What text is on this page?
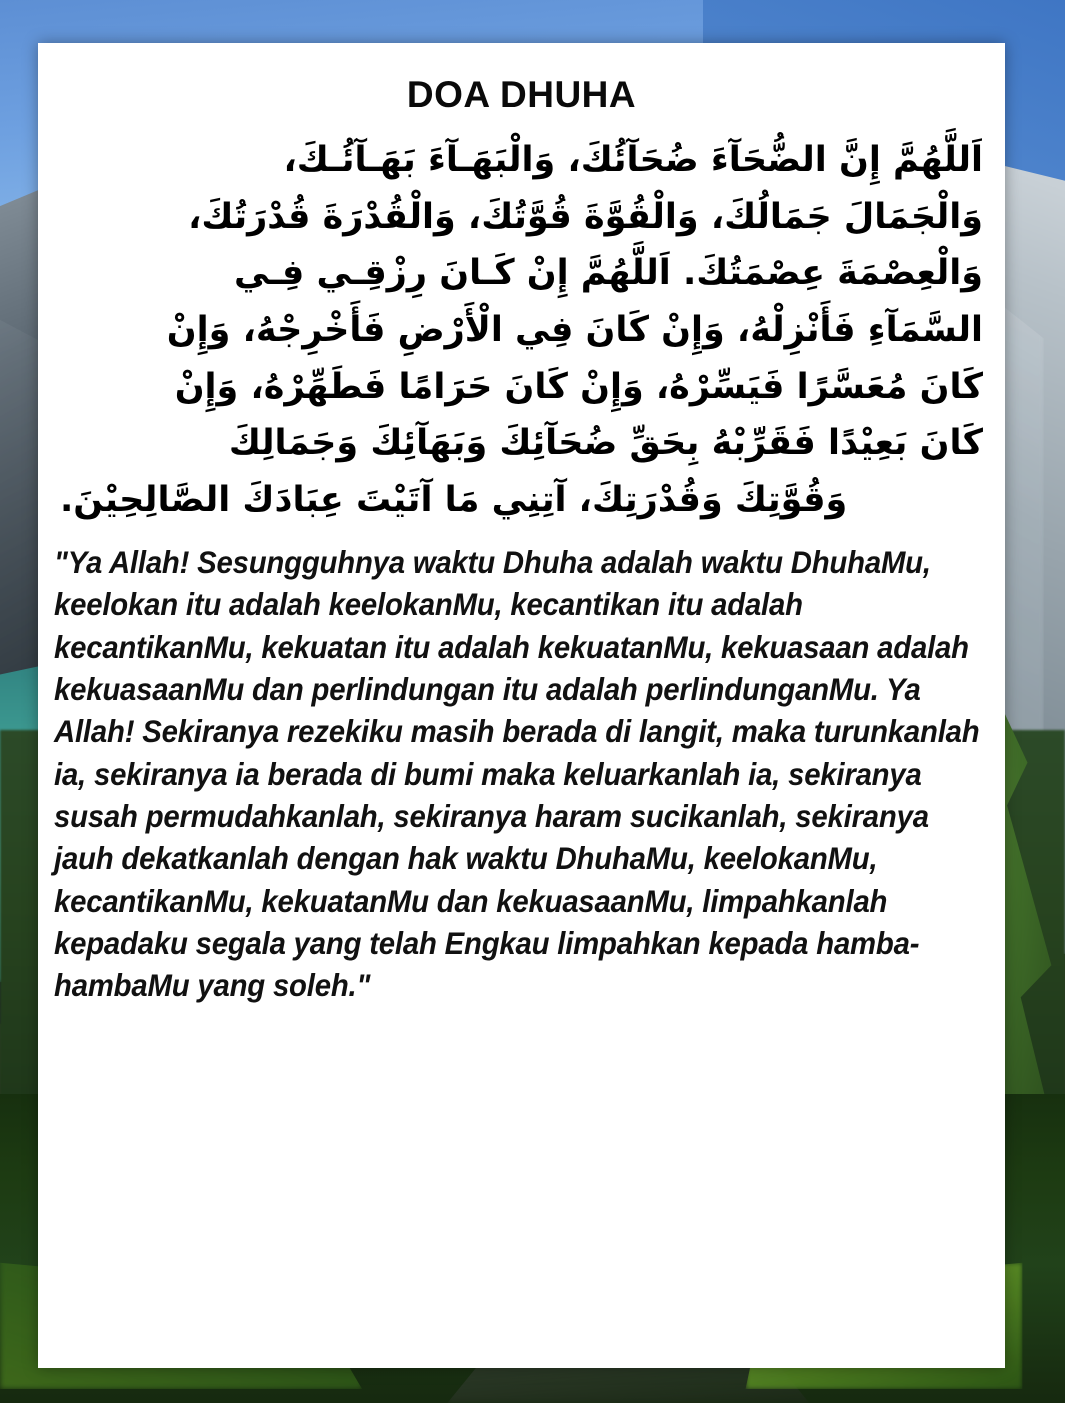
DOA DHUHA
اَللَّهُمَّ إِنَّ الضُّحَآءَ ضُحَآئُكَ، وَالْبَهَـآءَ بَهَـآئُـكَ،
وَالْجَمَالَ جَمَالُكَ، وَالْقُوَّةَ قُوَّتُكَ، وَالْقُدْرَةَ قُدْرَتُكَ،
وَالْعِصْمَةَ عِصْمَتُكَ. اَللَّهُمَّ إِنْ كَـانَ رِزْقِـي فِـي
السَّمَآءِ فَأَنْزِلْهُ، وَإِنْ كَانَ فِي الْأَرْضِ فَأَخْرِجْهُ، وَإِنْ
كَانَ مُعَسَّرًا فَيَسِّرْهُ، وَإِنْ كَانَ حَرَامًا فَطَهِّرْهُ، وَإِنْ
كَانَ بَعِيْدًا فَقَرِّبْهُ بِحَقِّ ضُحَآئِكَ وَبَهَآئِكَ وَجَمَالِكَ
وَقُوَّتِكَ وَقُدْرَتِكَ، آتِنِي مَا آتَيْتَ عِبَادَكَ الصَّالِحِيْنَ.

"Ya Allah! Sesungguhnya waktu Dhuha adalah waktu DhuhaMu, keelokan itu adalah keelokanMu, kecantikan itu adalah kecantikanMu, kekuatan itu adalah kekuatanMu, kekuasaan adalah kekuasaanMu dan perlindungan itu adalah perlindunganMu. Ya Allah! Sekiranya rezekiku masih berada di langit, maka turunkanlah ia, sekiranya ia berada di bumi maka keluarkanlah ia, sekiranya susah permudahkanlah, sekiranya haram sucikanlah, sekiranya jauh dekatkanlah dengan hak waktu DhuhaMu, keelokanMu, kecantikanMu, kekuatanMu dan kekuasaanMu, limpahkanlah kepadaku segala yang telah Engkau limpahkan kepada hamba-hambaMu yang soleh."
